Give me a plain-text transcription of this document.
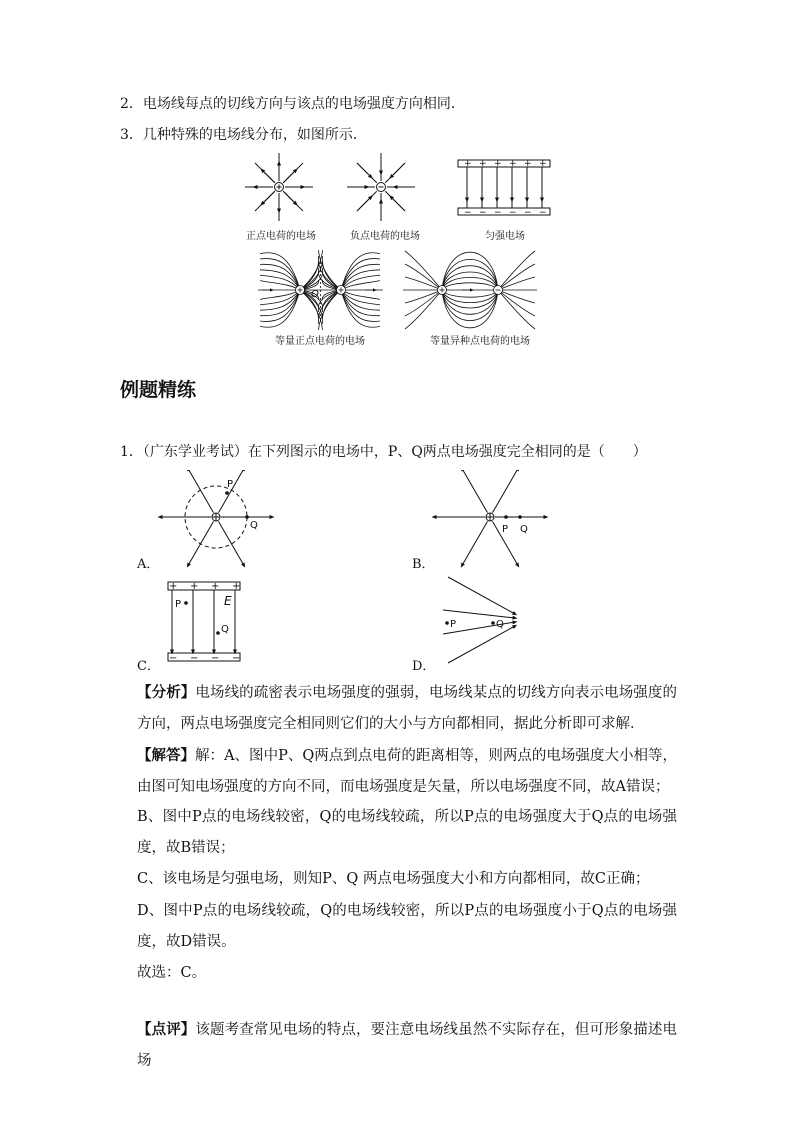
2．电场线每点的切线方向与该点的电场强度方向相同．
3．几种特殊的电场线分布，如图所示．
+
−
+
−
+
−
+
−
+
−
+
−
O
正点电荷的电场	负点电荷的电场	匀强电场
等量正点电荷的电场	等量异种点电荷的电场
例题精练
1．（广东学业考试）在下列图示的电场中，P、Q两点电场强度完全相同的是（　　）
P
Q	P Q
+
−
+
−
+
−
+
−
P	E
Q	P	Q
A．	B．
C．	D．
【分析】电场线的疏密表示电场强度的强弱，电场线某点的切线方向表示电场强度的方向，两点电场强度完全相同则它们的大小与方向都相同，据此分析即可求解．
【解答】解：A、图中P、Q两点到点电荷的距离相等，则两点的电场强度大小相等，由图可知电场强度的方向不同，而电场强度是矢量，所以电场强度不同，故A错误；
B、图中P点的电场线较密，Q的电场线较疏，所以P点的电场强度大于Q点的电场强度，故B错误；
C、该电场是匀强电场，则知P、Q 两点电场强度大小和方向都相同，故C正确；
D、图中P点的电场线较疏，Q的电场线较密，所以P点的电场强度小于Q点的电场强度，故D错误。
故选：C。
【点评】该题考查常见电场的特点，要注意电场线虽然不实际存在，但可形象描述电场
